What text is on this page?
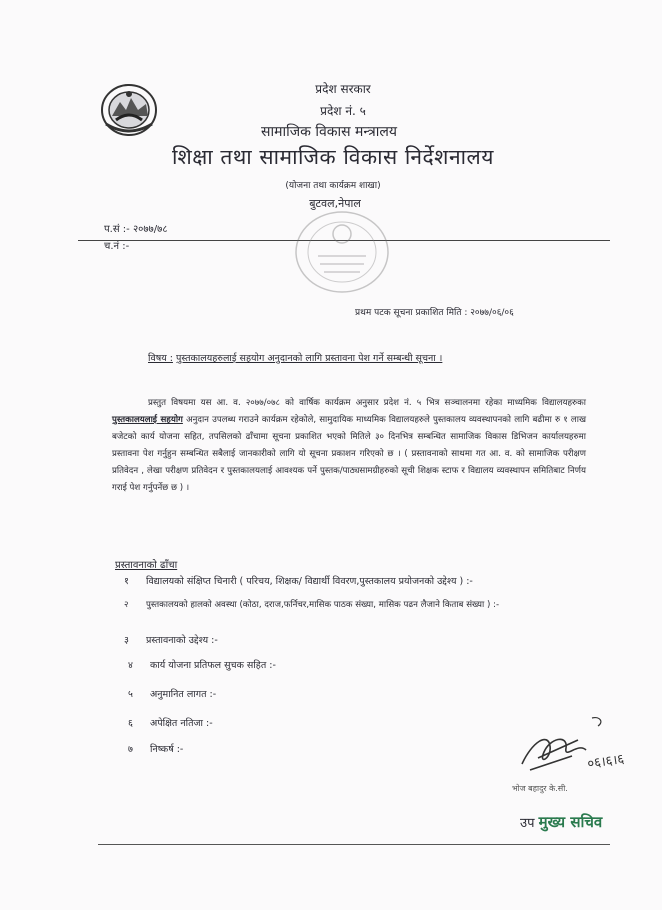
प्रदेश सरकार
प्रदेश नं. ५
सामाजिक विकास मन्त्रालय
शिक्षा तथा सामाजिक विकास निर्देशनालय
(योजना तथा कार्यक्रम शाखा)
बुटवल,नेपाल
प.सं :- २०७७/७८
च.नं :-
प्रथम पटक सूचना प्रकाशित मिति : २०७७/०६/०६
विषय : पुस्तकालयहरुलाई सहयोग अनुदानको लागि प्रस्तावना पेश गर्ने सम्बन्धी सूचना ।
प्रस्तुत विषयमा यस आ. व. २०७७/०७८ को वार्षिक कार्यक्रम अनुसार प्रदेश नं. ५ भित्र सञ्चालनमा रहेका माध्यमिक विद्यालयहरुका पुस्तकालयलाई सहयोग अनुदान उपलब्ध गराउने कार्यक्रम रहेकोले, सामुदायिक माध्यमिक विद्यालयहरुले पुस्तकालय व्यवस्थापनको लागि बढीमा रु १ लाख बजेटको कार्य योजना सहित, तपसिलको ढाँचामा सूचना प्रकाशित भएको मितिले ३० दिनभित्र सम्बन्धित सामाजिक विकास डिभिजन कार्यालयहरुमा प्रस्तावना पेश गर्नुहुन सम्बन्धित सबैलाई जानकारीको लागि यो सूचना प्रकाशन गरिएको छ । ( प्रस्तावनाको साथमा गत आ. व. को सामाजिक परीक्षण प्रतिवेदन , लेखा परीक्षण प्रतिवेदन र पुस्तकालयलाई आवश्यक पर्ने पुस्तक/पाठ्यसामग्रीहरुको सूची शिक्षक स्टाफ र विद्यालय व्यवस्थापन समितिबाट निर्णय गराई पेश गर्नुपर्नेछ छ ) ।
प्रस्तावनाको ढाँचा
१ विद्यालयको संक्षिप्त चिनारी ( परिचय, शिक्षक/ विद्यार्थी विवरण,पुस्तकालय प्रयोजनको उद्देश्य ) :-
२ पुस्तकालयको हालको अवस्था (कोठा, दराज,फर्निचर,मासिक पाठक संख्या, मासिक पढन लैजाने किताब संख्या ) :-
३ प्रस्तावनाको उद्देश्य :-
४ कार्य योजना प्रतिफल सुचक सहित :-
५ अनुमानित लागत :-
६ अपेक्षित नतिजा :-
७ निष्कर्ष :-
०६।६।६
भोज बहादुर के.सी.
उप मुख्य सचिव
